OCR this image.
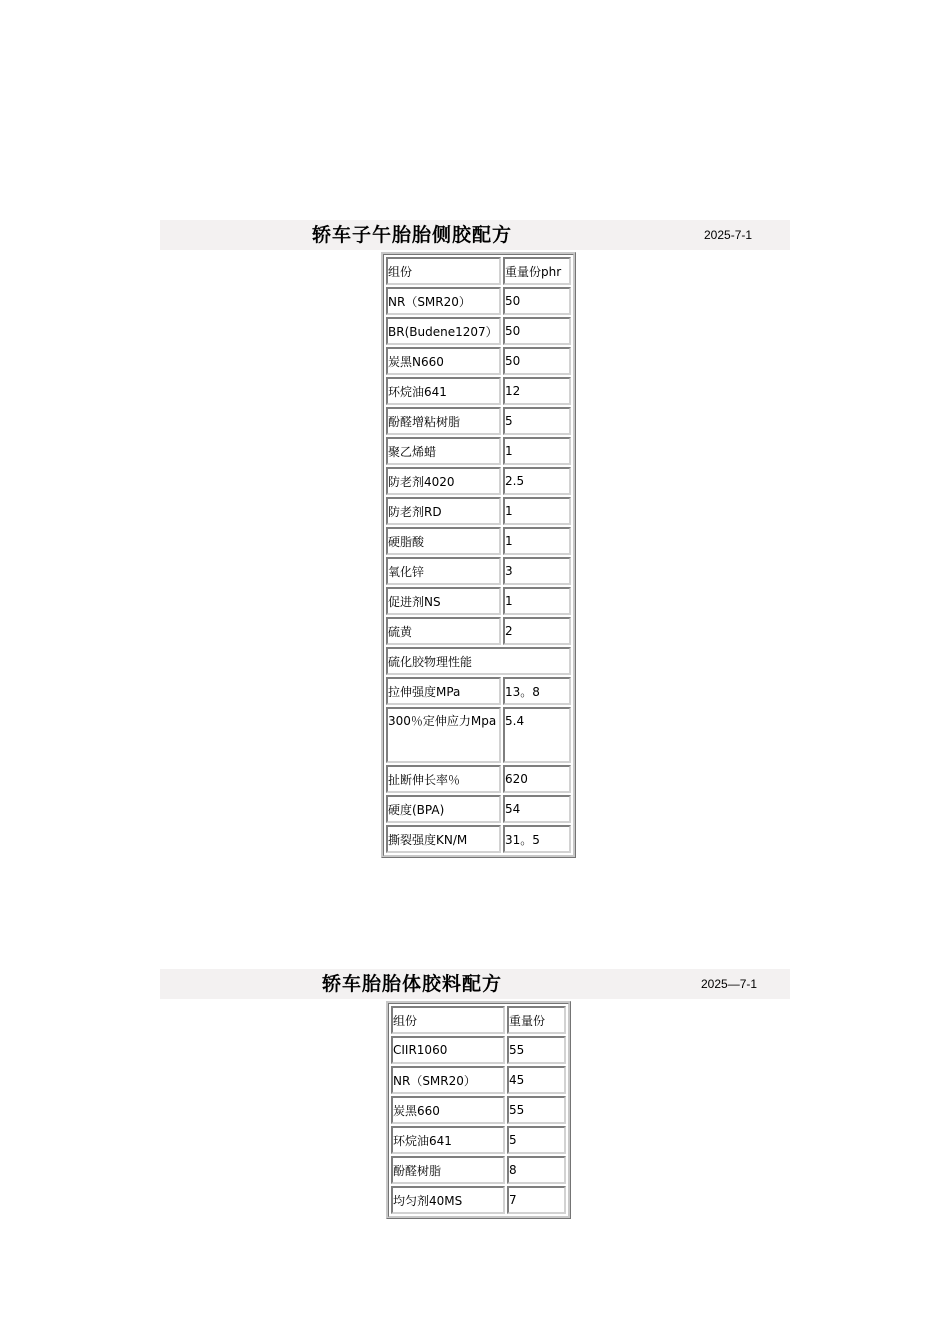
轿车子午胎胎侧胶配方	2025-7-1
组份	重量份phr
NR（SMR20）	50
BR(Budene1207）	50
炭黑N660	50
环烷油641	12
酚醛增粘树脂	5
聚乙烯蜡	1
防老剂4020	2.5
防老剂RD	1
硬脂酸	1
氧化锌	3
促进剂NS	1
硫黄	2
硫化胶物理性能	
拉伸强度MPa	13。8
300％定伸应力Mpa	5.4
扯断伸长率％	620
硬度(BPA)	54
撕裂强度KN/M	31。5
轿车胎胎体胶料配方	2025—7-1
组份	重量份
CIIR1060	55
NR（SMR20）	45
炭黑660	55
环烷油641	5
酚醛树脂	8
均匀剂40MS	7
